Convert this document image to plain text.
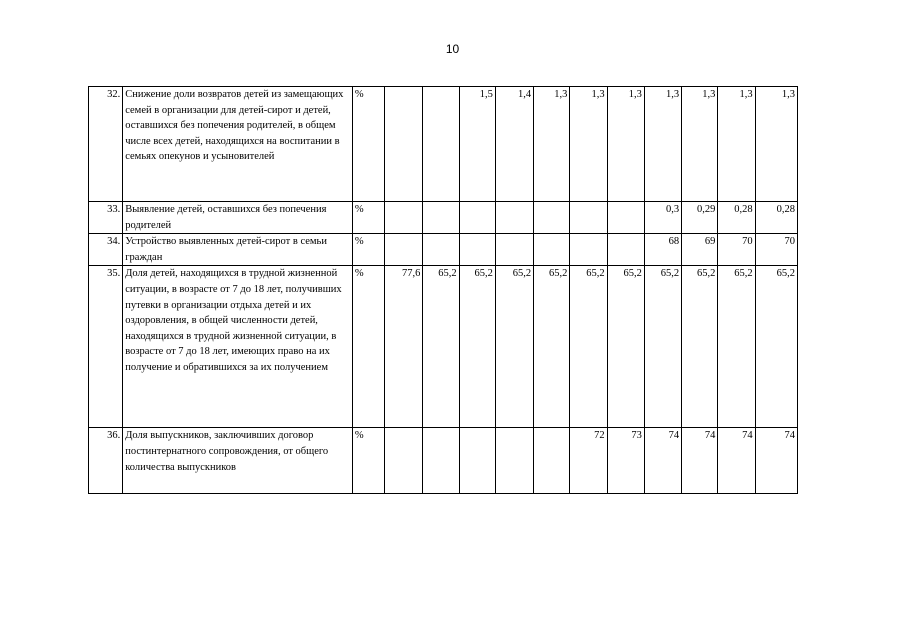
10
32.	Снижение доли возвратов детей из замещающих семей в организации для детей-сирот и детей, оставшихся без попечения родителей, в общем числе всех детей, находящихся на воспитании в семьях опекунов и усыновителей	%			1,5	1,4	1,3	1,3	1,3	1,3	1,3	1,3	1,3
33.	Выявление детей, оставшихся без попечения родителей	%								0,3	0,29	0,28	0,28
34.	Устройство выявленных детей-сирот в семьи граждан	%								68	69	70	70
35.	Доля детей, находящихся в трудной жизненной ситуации, в возрасте от 7 до 18 лет, получивших путевки в организации отдыха детей и их оздоровления, в общей численности детей, находящихся в трудной жизненной ситуации, в возрасте от 7 до 18 лет, имеющих право на их получение и обратившихся за их получением	%	77,6	65,2	65,2	65,2	65,2	65,2	65,2	65,2	65,2	65,2	65,2
36.	Доля выпускников, заключивших договор постинтернатного сопровождения, от общего количества выпускников	%						72	73	74	74	74	74
